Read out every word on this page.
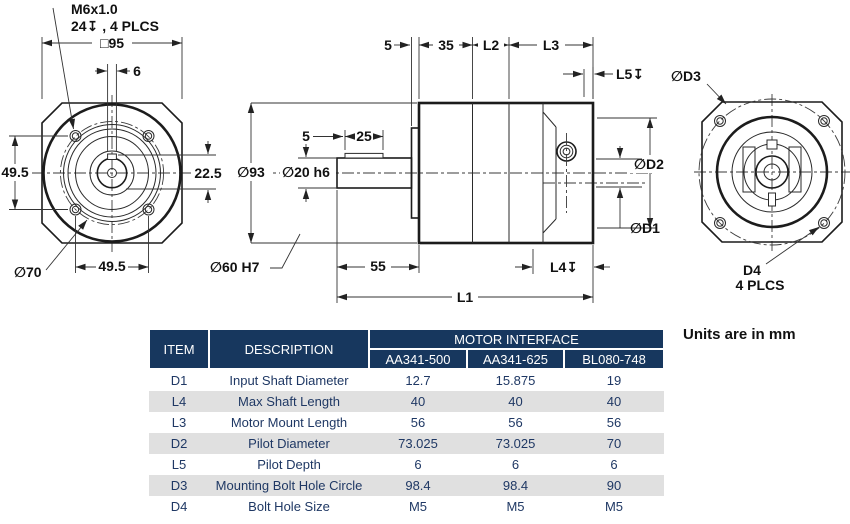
M6x1.0
24↧ , 4 PLCS
□95
6
49.5	22.5
∅70	49.5
5	35 L2	L3
L5↧
5	25
∅93 ∅20 h6
∅60 H7	55
L1
L4↧
∅D2
∅D1
∅D3
D4
4 PLCS
Units are in mm
ITEM	DESCRIPTION	MOTOR INTERFACE		
		AA341-500	AA341-625	BL080-748
D1	Input Shaft Diameter	12.7	15.875	19
L4	Max Shaft Length	40	40	40
L3	Motor Mount Length	56	56	56
D2	Pilot Diameter	73.025	73.025	70
L5	Pilot Depth	6	6	6
D3	Mounting Bolt Hole Circle	98.4	98.4	90
D4	Bolt Hole Size	M5	M5	M5
